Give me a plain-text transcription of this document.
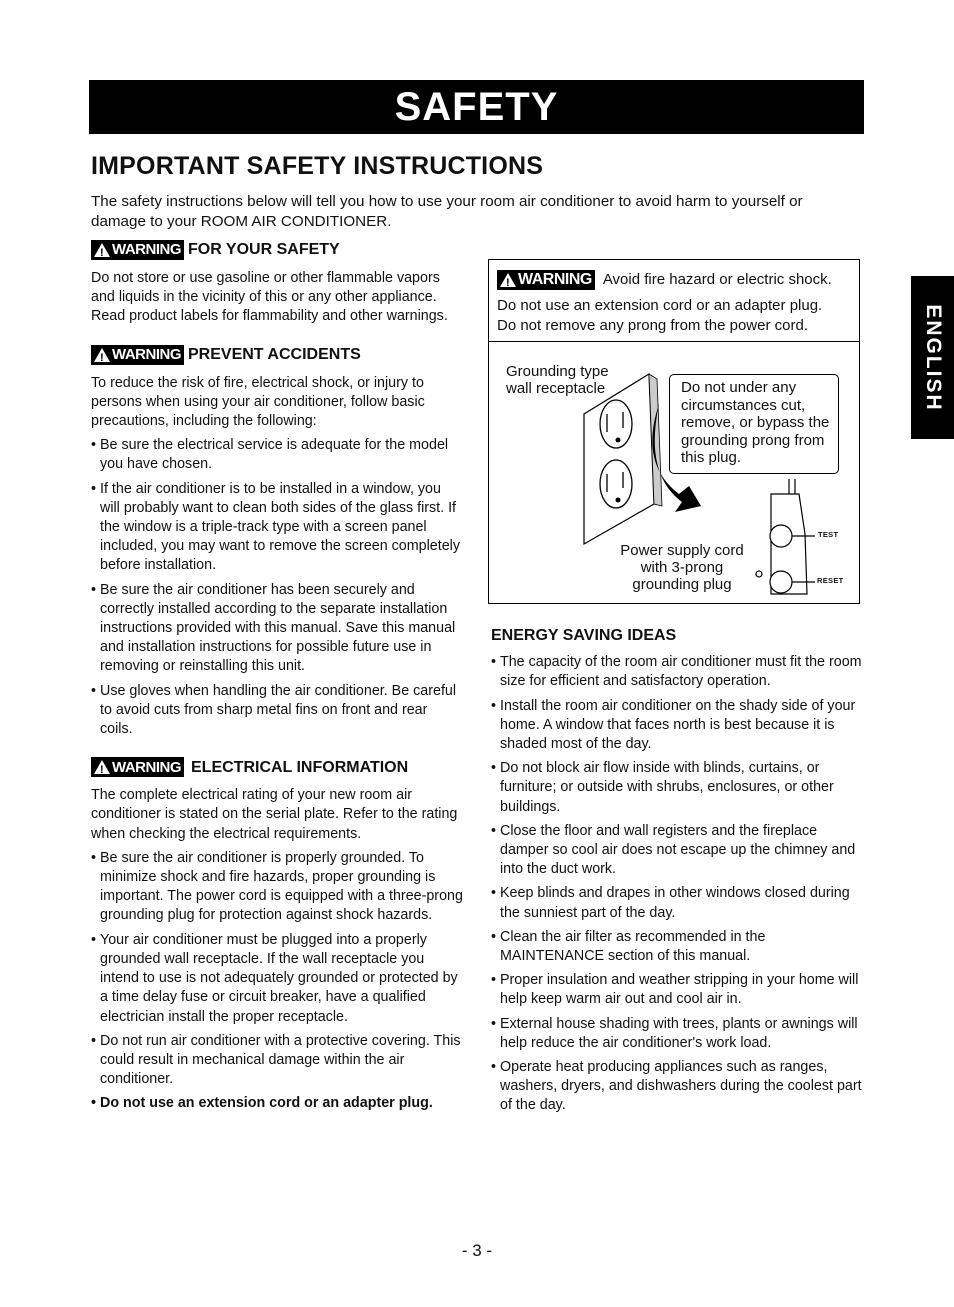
SAFETY
IMPORTANT SAFETY INSTRUCTIONS
The safety instructions below will tell you how to use your room air conditioner to avoid harm to yourself or damage to your ROOM AIR CONDITIONER.
!
WARNING FOR YOUR SAFETY

Do not store or use gasoline or other flammable vapors and liquids in the vicinity of this or any other appliance. Read product labels for flammability and other warnings.

!
WARNING PREVENT ACCIDENTS

To reduce the risk of fire, electrical shock, or injury to persons when using your air conditioner, follow basic precautions, including the following:

• Be sure the electrical service is adequate for the model you have chosen.
• If the air conditioner is to be installed in a window, you will probably want to clean both sides of the glass first. If the window is a triple-track type with a screen panel included, you may want to remove the screen completely before installation.
• Be sure the air conditioner has been securely and correctly installed according to the separate installation instructions provided with this manual. Save this manual and installation instructions for possible future use in removing or reinstalling this unit.
• Use gloves when handling the air conditioner. Be careful to avoid cuts from sharp metal fins on front and rear coils.
!
WARNING ELECTRICAL INFORMATION

The complete electrical rating of your new room air conditioner is stated on the serial plate. Refer to the rating when checking the electrical requirements.

• Be sure the air conditioner is properly grounded. To minimize shock and fire hazards, proper grounding is important. The power cord is equipped with a three-prong grounding plug for protection against shock hazards.
• Your air conditioner must be plugged into a properly grounded wall receptacle. If the wall receptacle you intend to use is not adequately grounded or protected by a time delay fuse or circuit breaker, have a qualified electrician install the proper receptacle.
• Do not run air conditioner with a protective covering. This could result in mechanical damage within the air conditioner.
• Do not use an extension cord or an adapter plug.
!
WARNING Avoid fire hazard or electric shock.
Do not use an extension cord or an adapter plug.
Do not remove any prong from the power cord.
Grounding type
wall receptacle	Do not under any circumstances cut, remove, or bypass the grounding prong from this plug.
Power supply cord
with 3-prong
grounding plug
TEST
RESET
ENERGY SAVING IDEAS
• The capacity of the room air conditioner must fit the room size for efficient and satisfactory operation.
• Install the room air conditioner on the shady side of your home. A window that faces north is best because it is shaded most of the day.
• Do not block air flow inside with blinds, curtains, or furniture; or outside with shrubs, enclosures, or other buildings.
• Close the floor and wall registers and the fireplace damper so cool air does not escape up the chimney and into the duct work.
• Keep blinds and drapes in other windows closed during the sunniest part of the day.
• Clean the air filter as recommended in the MAINTENANCE section of this manual.
• Proper insulation and weather stripping in your home will help keep warm air out and cool air in.
• External house shading with trees, plants or awnings will help reduce the air conditioner's work load.
• Operate heat producing appliances such as ranges, washers, dryers, and dishwashers during the coolest part of the day.
ENGLISH
- 3 -
